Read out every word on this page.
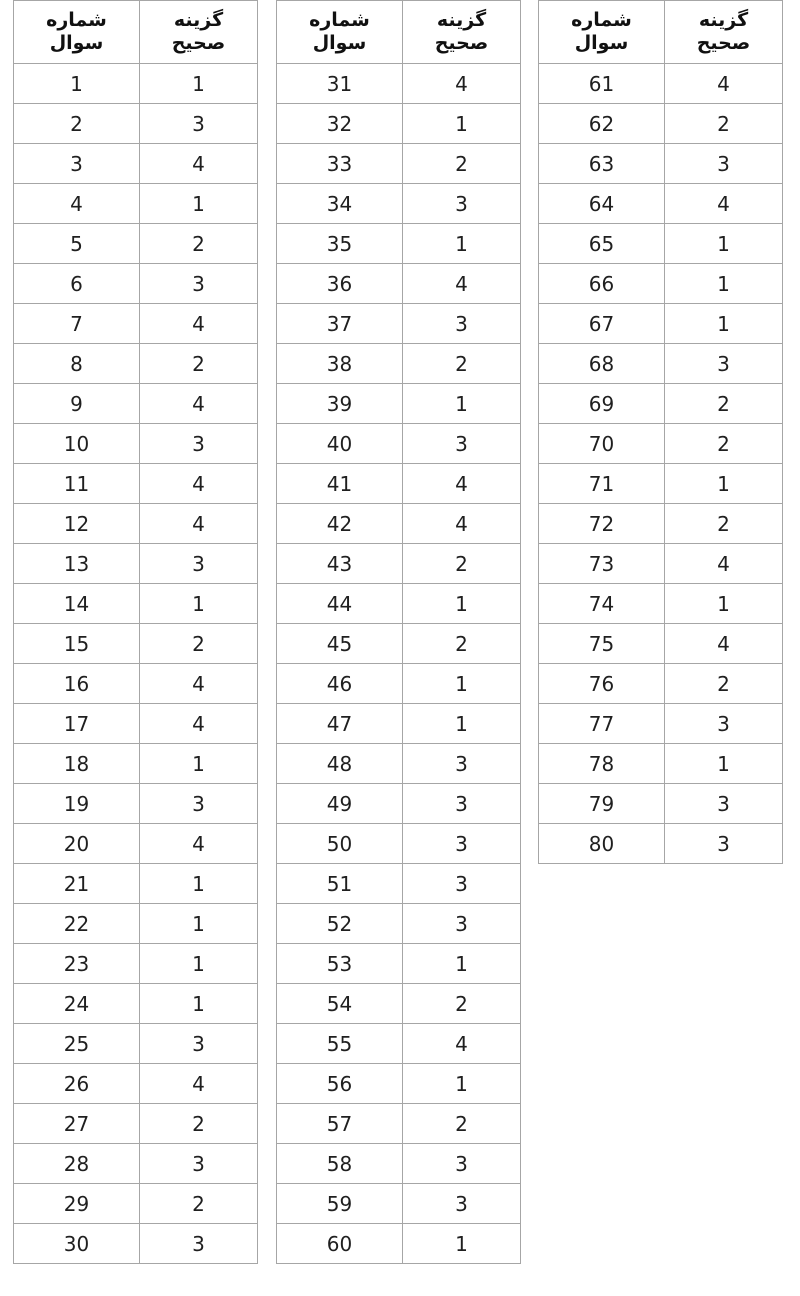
شماره
سوال	گزینه
صحیح

1	1
2	3
3	4
4	1
5	2
6	3
7	4
8	2
9	4
10	3
11	4
12	4
13	3
14	1
15	2
16	4
17	4
18	1
19	3
20	4
21	1
22	1
23	1
24	1
25	3
26	4
27	2
28	3
29	2
30	3
شماره
سوال	گزینه
صحیح

31	4
32	1
33	2
34	3
35	1
36	4
37	3
38	2
39	1
40	3
41	4
42	4
43	2
44	1
45	2
46	1
47	1
48	3
49	3
50	3
51	3
52	3
53	1
54	2
55	4
56	1
57	2
58	3
59	3
60	1
شماره
سوال	گزینه
صحیح

61	4
62	2
63	3
64	4
65	1
66	1
67	1
68	3
69	2
70	2
71	1
72	2
73	4
74	1
75	4
76	2
77	3
78	1
79	3
80	3
